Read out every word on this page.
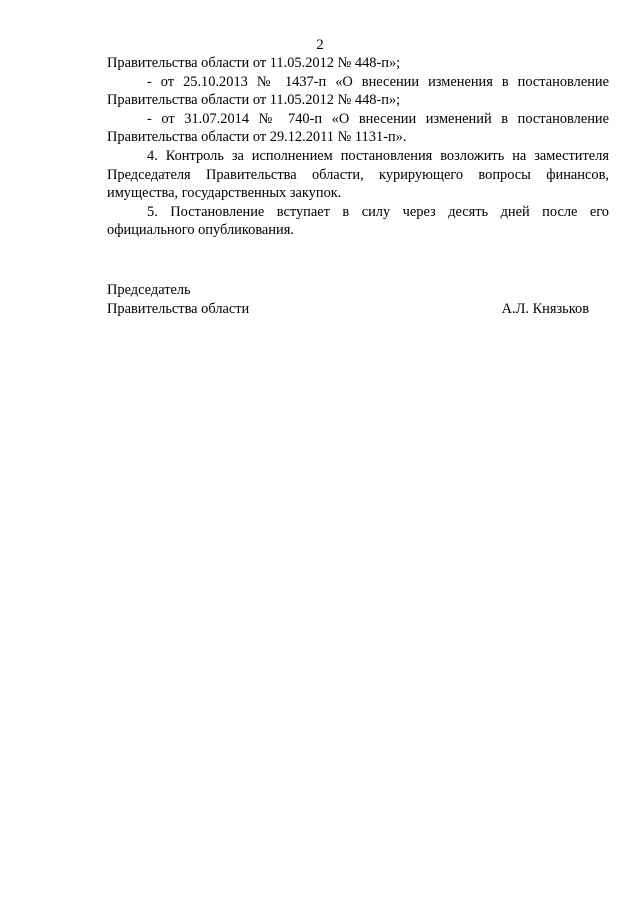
2

Правительства области от 11.05.2012 № 448-п»;

- от 25.10.2013 № 1437-п «О внесении изменения в постановление Правительства области от 11.05.2012 № 448-п»;

- от 31.07.2014 № 740-п «О внесении изменений в постановление Правительства области от 29.12.2011 № 1131-п».

4. Контроль за исполнением постановления возложить на заместителя Председателя Правительства области, курирующего вопросы финансов, имущества, государственных закупок.

5. Постановление вступает в силу через десять дней после его официального опубликования.

Председатель
Правительства области	А.Л. Князьков
